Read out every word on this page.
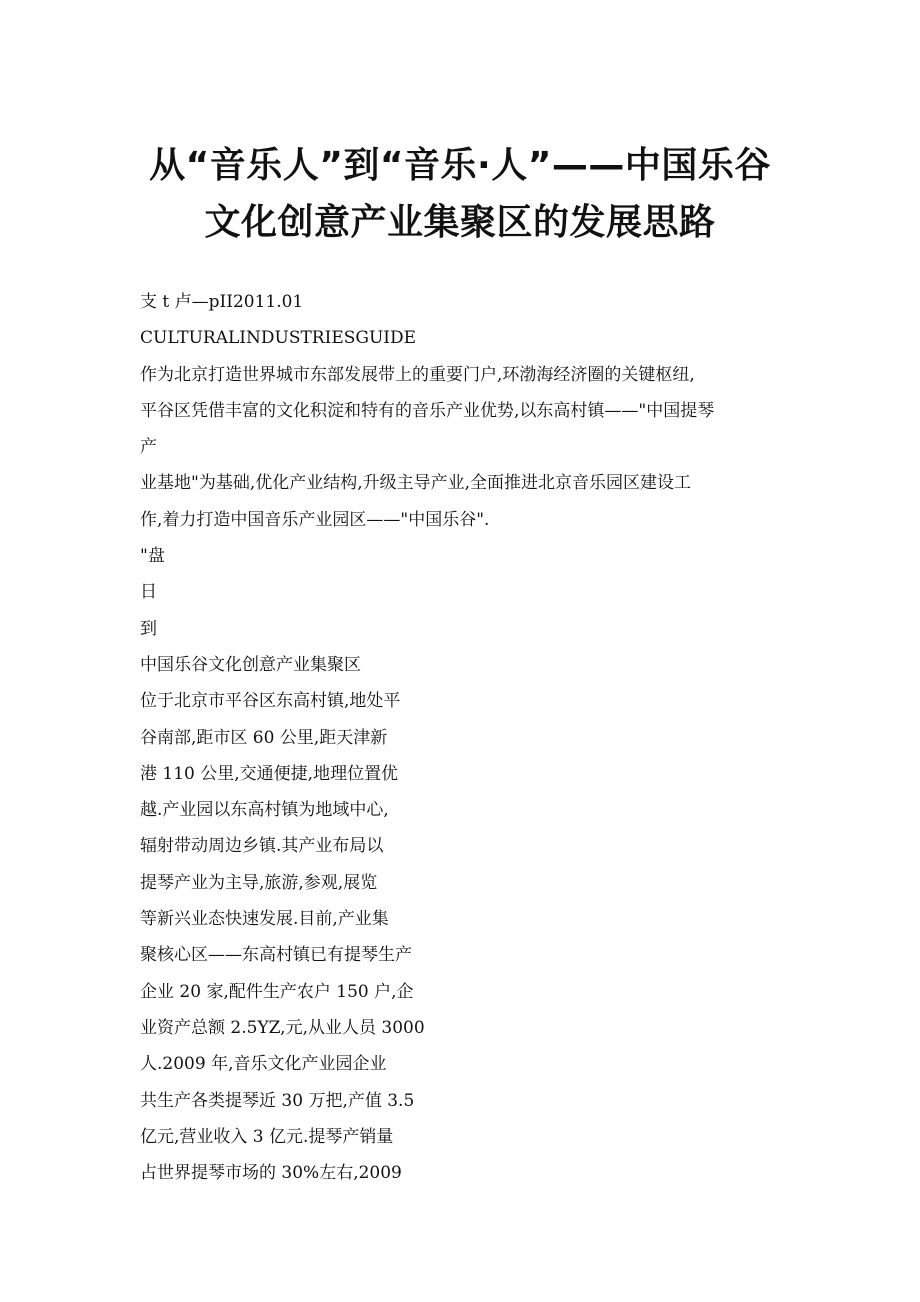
从“音乐人”到“音乐·人”——中国乐谷
文化创意产业集聚区的发展思路
支 t 卢—pII2011.01
CULTURALINDUSTRIESGUIDE
作为北京打造世界城市东部发展带上的重要门户,环渤海经济圈的关键枢纽,
平谷区凭借丰富的文化积淀和特有的音乐产业优势,以东高村镇——"中国提琴
产
业基地"为基础,优化产业结构,升级主导产业,全面推进北京音乐园区建设工
作,着力打造中国音乐产业园区——"中国乐谷".
"盘
日
到
中国乐谷文化创意产业集聚区
位于北京市平谷区东高村镇,地处平
谷南部,距市区 60 公里,距天津新
港 110 公里,交通便捷,地理位置优
越.产业园以东高村镇为地域中心,
辐射带动周边乡镇.其产业布局以
提琴产业为主导,旅游,参观,展览
等新兴业态快速发展.目前,产业集
聚核心区——东高村镇已有提琴生产
企业 20 家,配件生产农户 150 户,企
业资产总额 2.5YZ,元,从业人员 3000
人.2009 年,音乐文化产业园企业
共生产各类提琴近 30 万把,产值 3.5
亿元,营业收入 3 亿元.提琴产销量
占世界提琴市场的 30%左右,2009
